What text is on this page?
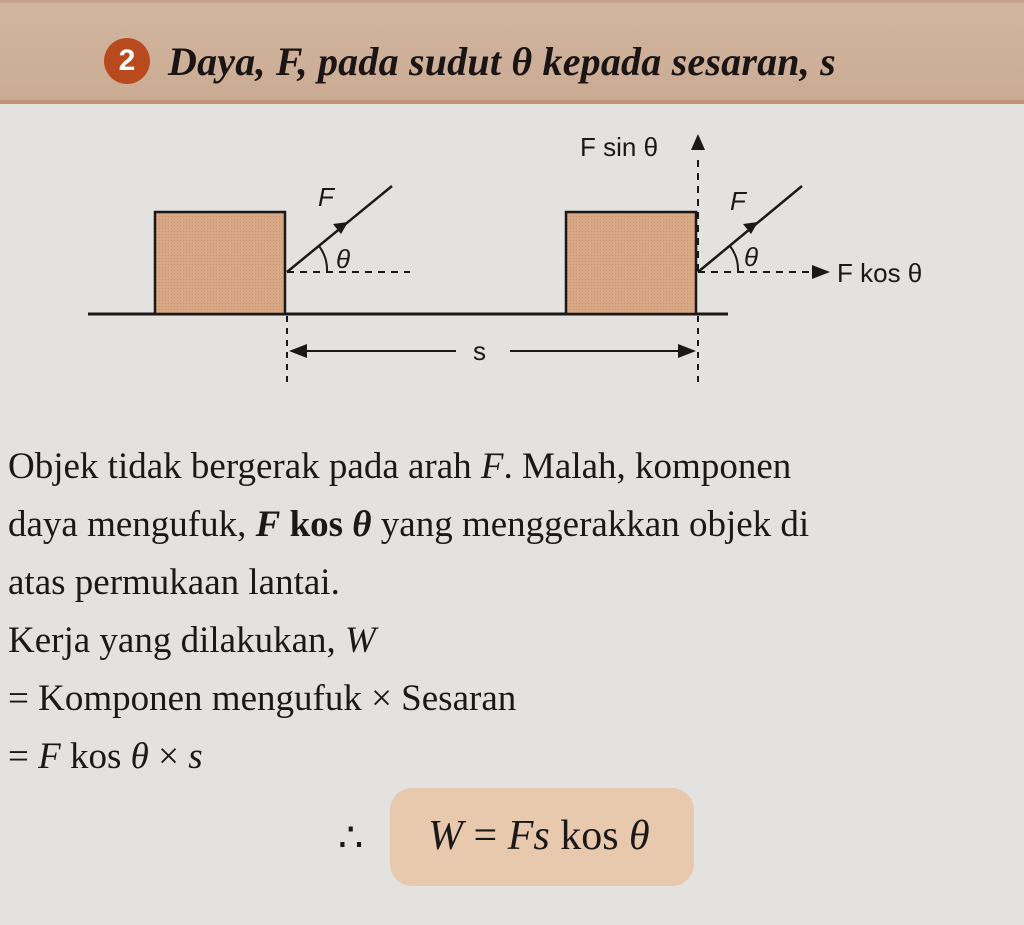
2 Daya, F, pada sudut θ kepada sesaran, s
F
θ
F
θ
F sin θ
F kos θ
s

Objek tidak bergerak pada arah F. Malah, komponen

daya mengufuk, F kos θ yang menggerakkan objek di

atas permukaan lantai.

Kerja yang dilakukan, W

= Komponen mengufuk × Sesaran

= F kos θ × s

∴ W = Fs kos θ
